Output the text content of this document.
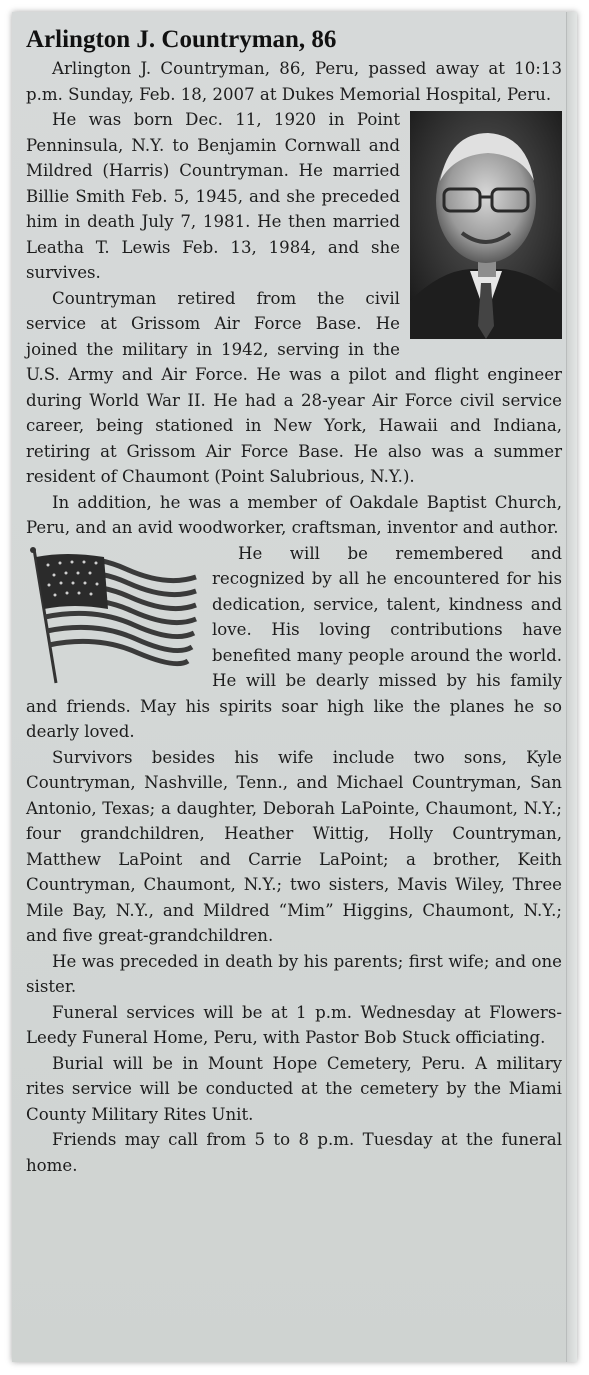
Arlington J. Countryman, 86

Arlington J. Countryman, 86, Peru, passed away at 10:13 p.m. Sunday, Feb. 18, 2007 at Dukes Memorial Hospital, Peru.

He was born Dec. 11, 1920 in Point Penninsula, N.Y. to Benjamin Cornwall and Mildred (Harris) Countryman. He married Billie Smith Feb. 5, 1945, and she preceded him in death July 7, 1981. He then married Leatha T. Lewis Feb. 13, 1984, and she survives.

Countryman retired from the civil service at Grissom Air Force Base. He joined the military in 1942, serving in the U.S. Army and Air Force. He was a pilot and flight engineer during World War II. He had a 28-year Air Force civil service career, being stationed in New York, Hawaii and Indiana, retiring at Grissom Air Force Base. He also was a summer resident of Chaumont (Point Salubrious, N.Y.).

In addition, he was a member of Oakdale Baptist Church, Peru, and an avid woodworker, craftsman, inventor and author.

He will be remembered and recognized by all he encountered for his dedication, service, talent, kindness and love. His loving contributions have benefited many people around the world. He will be dearly missed by his family and friends. May his spirits soar high like the planes he so dearly loved.

Survivors besides his wife include two sons, Kyle Countryman, Nashville, Tenn., and Michael Countryman, San Antonio, Texas; a daughter, Deborah LaPointe, Chaumont, N.Y.; four grandchildren, Heather Wittig, Holly Countryman, Matthew LaPoint and Carrie LaPoint; a brother, Keith Countryman, Chaumont, N.Y.; two sisters, Mavis Wiley, Three Mile Bay, N.Y., and Mildred “Mim” Higgins, Chaumont, N.Y.; and five great-grandchildren.

He was preceded in death by his parents; first wife; and one sister.

Funeral services will be at 1 p.m. Wednesday at Flowers-Leedy Funeral Home, Peru, with Pastor Bob Stuck officiating.

Burial will be in Mount Hope Cemetery, Peru. A military rites service will be conducted at the cemetery by the Miami County Military Rites Unit.

Friends may call from 5 to 8 p.m. Tuesday at the funeral home.
